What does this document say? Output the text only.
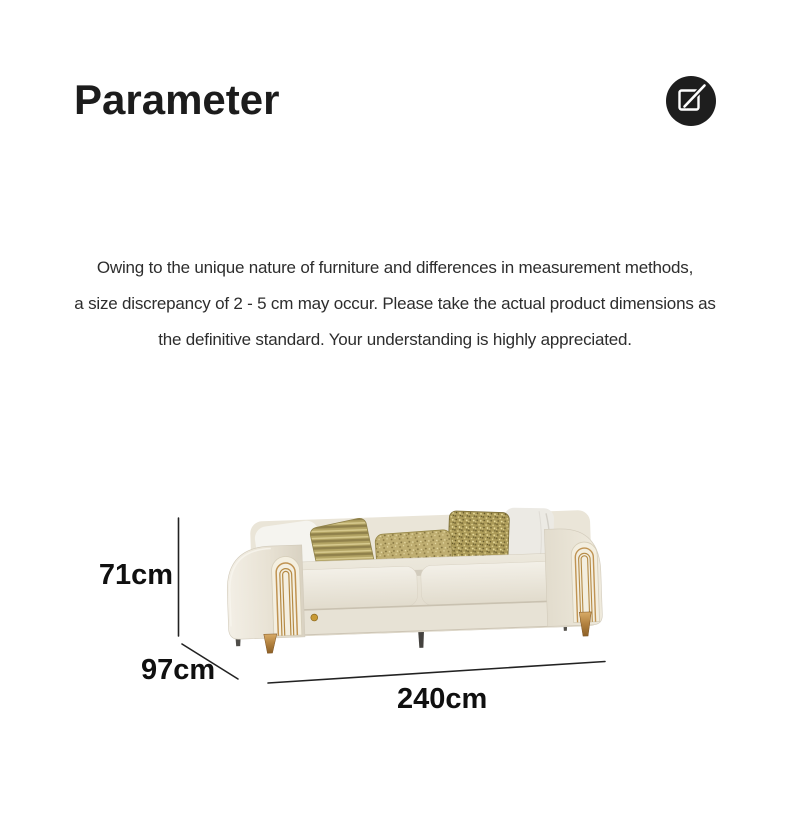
Parameter
Owing to the unique nature of furniture and differences in measurement methods,
a size discrepancy of 2 - 5 cm may occur. Please take the actual product dimensions as
the definitive standard. Your understanding is highly appreciated.
71cm
97cm
240cm
